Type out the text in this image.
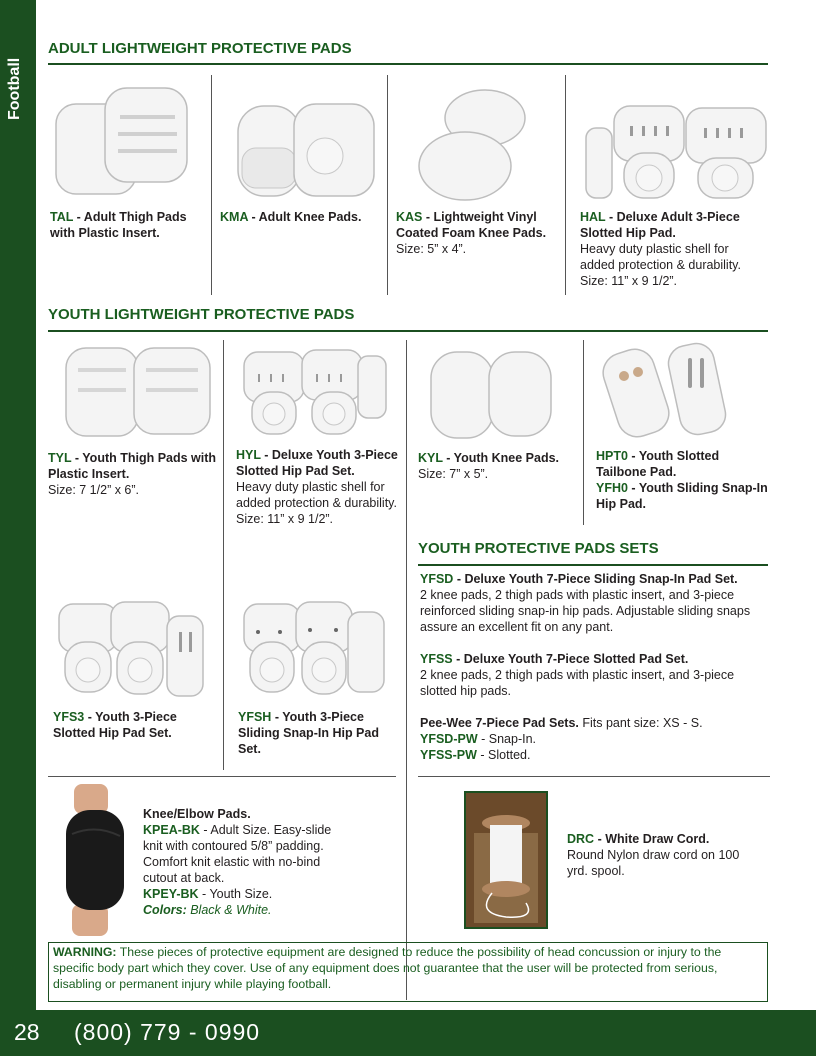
Football
28 (800) 779 - 0990
ADULT LIGHTWEIGHT PROTECTIVE PADS
TAL - Adult Thigh Pads with Plastic Insert.
KMA - Adult Knee Pads.	KAS - Lightweight Vinyl Coated Foam Knee Pads.
Size: 5” x 4”.
HAL - Deluxe Adult 3-Piece Slotted Hip Pad.
Heavy duty plastic shell for added protection & durability.
Size: 11” x 9 1/2”.
YOUTH LIGHTWEIGHT PROTECTIVE PADS
TYL - Youth Thigh Pads with Plastic Insert.
Size: 7 1/2” x 6”.
HYL - Deluxe Youth 3-Piece Slotted Hip Pad Set.
Heavy duty plastic shell for added protection & durability.
Size: 11” x 9 1/2”.
KYL - Youth Knee Pads.
Size: 7” x 5”.
HPT0 - Youth Slotted Tailbone Pad.
YFH0 - Youth Sliding Snap-In Hip Pad.
YFS3 - Youth 3-Piece Slotted Hip Pad Set.
YFSH - Youth 3-Piece Sliding Snap-In Hip Pad Set.
YOUTH PROTECTIVE PADS SETS
YFSD - Deluxe Youth 7-Piece Sliding Snap-In Pad Set.
2 knee pads, 2 thigh pads with plastic insert, and 3-piece reinforced sliding snap-in hip pads. Adjustable sliding snaps assure an excellent fit on any pant.
YFSS - Deluxe Youth 7-Piece Slotted Pad Set.
2 knee pads, 2 thigh pads with plastic insert, and 3-piece slotted hip pads.
Pee-Wee 7-Piece Pad Sets. Fits pant size: XS - S.
YFSD-PW - Snap-In.
YFSS-PW - Slotted.
Knee/Elbow Pads.
KPEA-BK - Adult Size. Easy-slide knit with contoured 5/8” padding. Comfort knit elastic with no-bind cutout at back.
KPEY-BK - Youth Size.
Colors: Black & White.
DRC - White Draw Cord.
Round Nylon draw cord on 100 yrd. spool.
WARNING: These pieces of protective equipment are designed to reduce the possibility of head concussion or injury to the specific body part which they cover. Use of any equipment does not guarantee that the user will be protected from serious, disabling or permanent injury while playing football.
